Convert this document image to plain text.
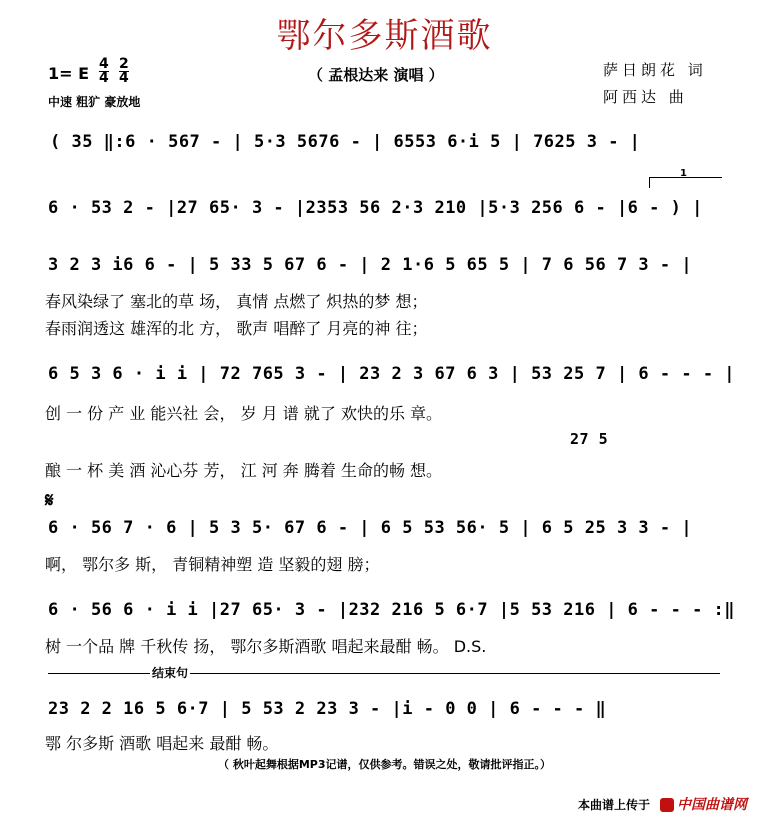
鄂尔多斯酒歌
1= E 4
4
2
4
中速 粗犷 豪放地
（ 孟根达来 演唱 ）	萨日朗花 词
阿西达 曲
( 35 ‖:6 · 567 - | 5·3 5676 - | 6553 6·i 5 | 7625 3 - |
1
6 · 53 2 - |27 65· 3 - |2353 56 2·3 210 |5·3 256 6 - |6 - ) |
3 2 3 i6 6 - | 5 33 5 67 6 - | 2 1·6 5 65 5 | 7 6 56 7 3 - |
春风染绿了 塞北的草 场， 真情 点燃了 炽热的梦 想；
春雨润透这 雄浑的北 方， 歌声 唱醉了 月亮的神 往；
6 5 3 6 · i i | 72 765 3 - | 23 2 3 67 6 3 | 53 25 7 | 6 - - - |
创 一 份 产 业 能兴社 会， 岁 月 谱 就了 欢快的乐 章。
27 5
酿 一 杯 美 酒 沁心芬 芳， 江 河 奔 腾着 生命的畅 想。
𝄋
6 · 56 7 · 6 | 5 3 5· 67 6 - | 6 5 53 56· 5 | 6 5 25 3 3 - |
啊， 鄂尔多 斯， 青铜精神塑 造 坚毅的翅 膀；
6 · 56 6 · i i |27 65· 3 - |232 216 5 6·7 |5 53 216 | 6 - - - :‖
树 一个品 牌 千秋传 扬， 鄂尔多斯酒歌 唱起来最酣 畅。 D.S.
结束句
23 2 2 16 5 6·7 | 5 53 2 23 3 - |i - 0 0 | 6 - - - ‖
鄂 尔多斯 酒歌 唱起来 最酣 畅。
（ 秋叶起舞根据MP3记谱，仅供参考。错误之处，敬请批评指正。）
本曲谱上传于	中国曲谱网
